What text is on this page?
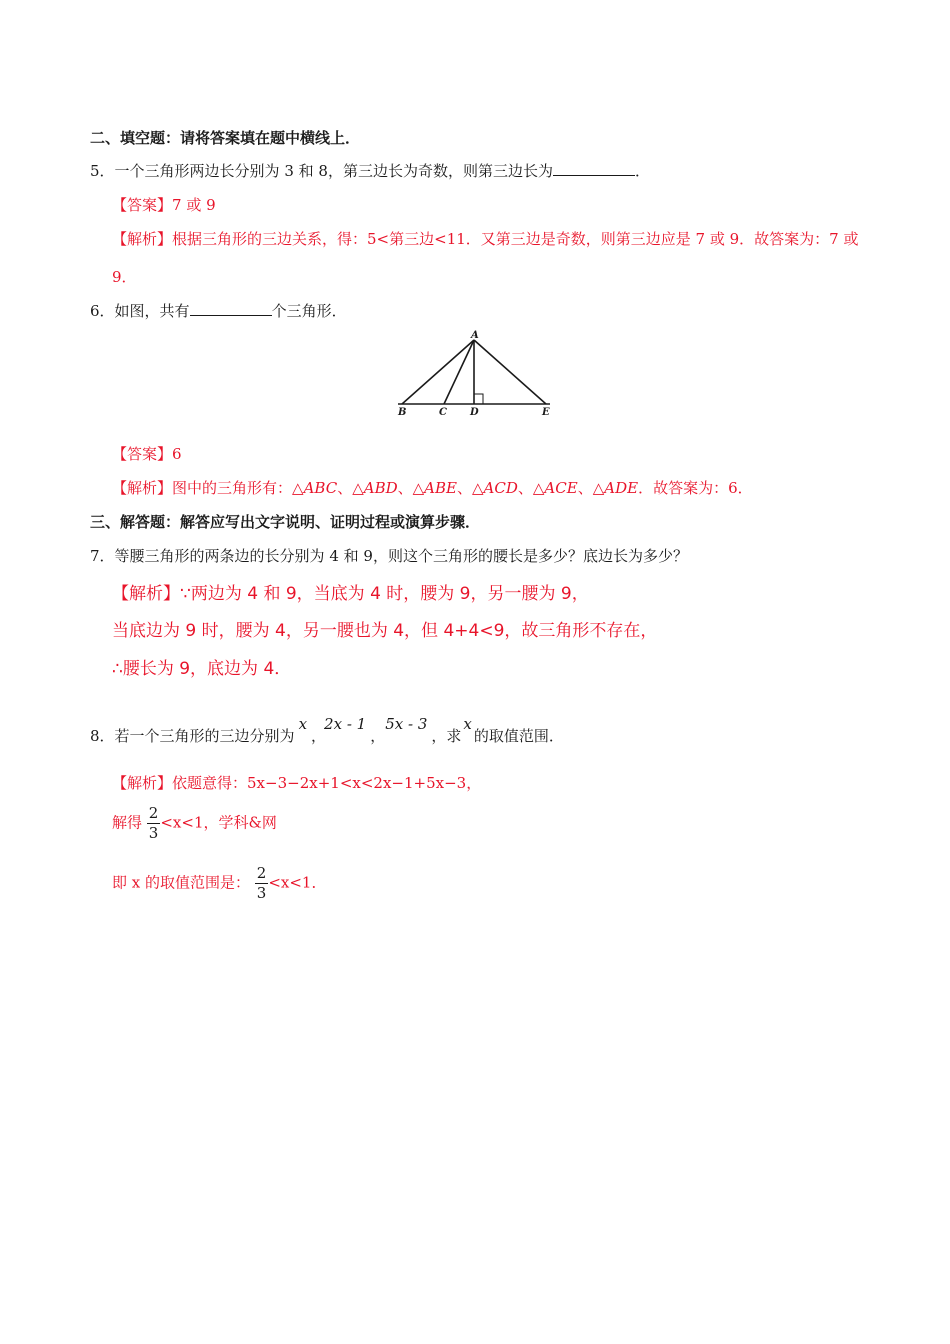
二、填空题：请将答案填在题中横线上．
5．一个三角形两边长分别为 3 和 8，第三边长为奇数，则第三边长为	．
【答案】7 或 9
【解析】根据三角形的三边关系，得：5<第三边<11．又第三边是奇数，则第三边应是 7 或 9．故答案为：7 或
9．
6．如图，共有	个三角形．
A
B	C D	E
【答案】6
【解析】图中的三角形有：△ABC、△ABD、△ABE、△ACD、△ACE、△ADE．故答案为：6．
三、解答题：解答应写出文字说明、证明过程或演算步骤．
7．等腰三角形的两条边的长分别为 4 和 9，则这个三角形的腰长是多少？底边长为多少？
【解析】∵两边为 4 和 9，当底为 4 时，腰为 9，另一腰为 9，
当底边为 9 时，腰为 4，另一腰也为 4，但 4+4<9，故三角形不存在，
∴腰长为 9，底边为 4．
8．若一个三角形的三边分别为x，2x - 1，5x - 3，求x的取值范围．
【解析】依题意得：5x−3−2x+1<x<2x−1+5x−3，
解得 $\frac{2}{3} <x<1$，学科&网
即 x 的取值范围是： $\frac{2}{3} <x<1$．
